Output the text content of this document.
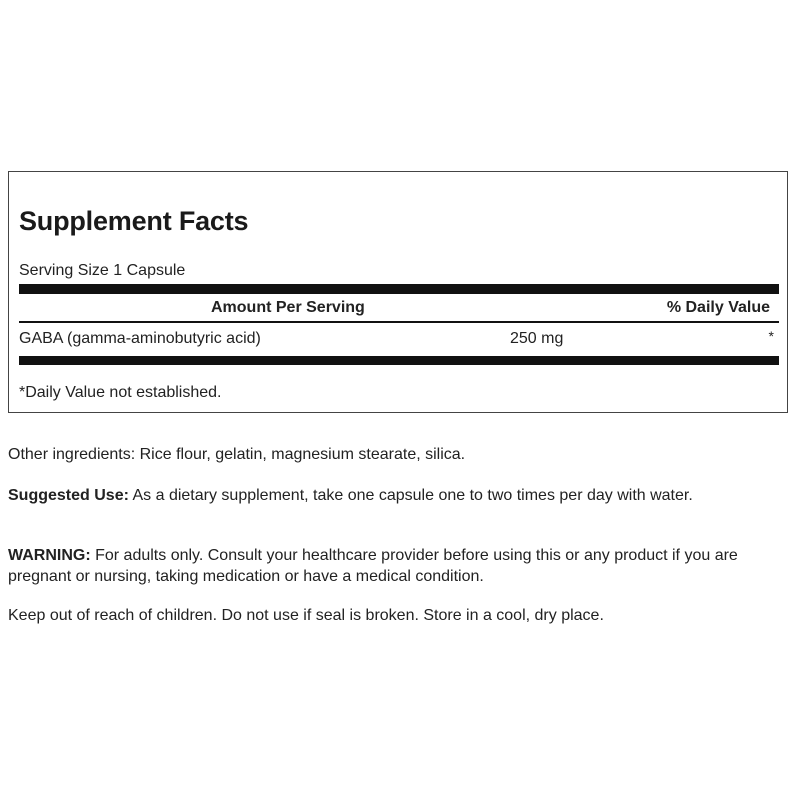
Supplement Facts
Serving Size 1 Capsule
Amount Per Serving	% Daily Value
GABA (gamma-aminobutyric acid)	250 mg	*
*Daily Value not established.
Other ingredients: Rice flour, gelatin, magnesium stearate, silica.
Suggested Use: As a dietary supplement, take one capsule one to two times per day with water.
WARNING: For adults only. Consult your healthcare provider before using this or any product if you are pregnant or nursing, taking medication or have a medical condition.
Keep out of reach of children. Do not use if seal is broken. Store in a cool, dry place.
